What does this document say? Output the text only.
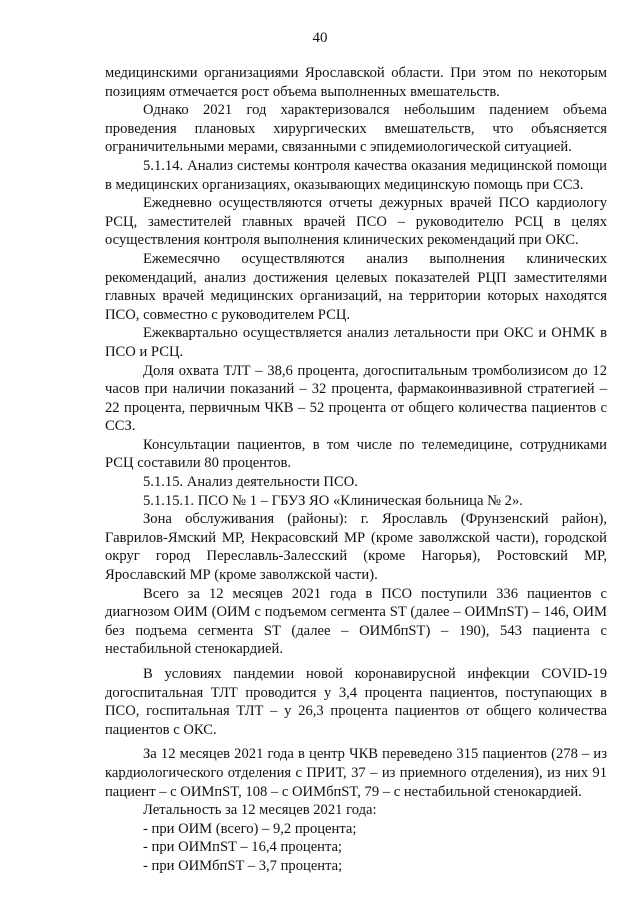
40

медицинскими организациями Ярославской области. При этом по некоторым позициям отмечается рост объема выполненных вмешательств.

Однако 2021 год характеризовался небольшим падением объема проведения плановых хирургических вмешательств, что объясняется ограничительными мерами, связанными с эпидемиологической ситуацией.

5.1.14. Анализ системы контроля качества оказания медицинской помощи в медицинских организациях, оказывающих медицинскую помощь при ССЗ.

Ежедневно осуществляются отчеты дежурных врачей ПСО кардиологу РСЦ, заместителей главных врачей ПСО – руководителю РСЦ в целях осуществления контроля выполнения клинических рекомендаций при ОКС.

Ежемесячно осуществляются анализ выполнения клинических рекомендаций, анализ достижения целевых показателей РЦП заместителями главных врачей медицинских организаций, на территории которых находятся ПСО, совместно с руководителем РСЦ.

Ежеквартально осуществляется анализ летальности при ОКС и ОНМК в ПСО и РСЦ.

Доля охвата ТЛТ – 38,6 процента, догоспитальным тромболизисом до 12 часов при наличии показаний – 32 процента, фармакоинвазивной стратегией – 22 процента, первичным ЧКВ – 52 процента от общего количества пациентов с ССЗ.

Консультации пациентов, в том числе по телемедицине, сотрудниками РСЦ составили 80 процентов.

5.1.15. Анализ деятельности ПСО.

5.1.15.1. ПСО № 1 – ГБУЗ ЯО «Клиническая больница № 2».

Зона обслуживания (районы): г. Ярославль (Фрунзенский район), Гаврилов-Ямский МР, Некрасовский МР (кроме заволжской части), городской округ город Переславль-Залесский (кроме Нагорья), Ростовский МР, Ярославский МР (кроме заволжской части).

Всего за 12 месяцев 2021 года в ПСО поступили 336 пациентов с диагнозом ОИМ (ОИМ с подъемом сегмента ST (далее – ОИМпST) – 146, ОИМ без подъема сегмента ST (далее – ОИМбпST) – 190), 543 пациента с нестабильной стенокардией.

В условиях пандемии новой коронавирусной инфекции COVID-19 догоспитальная ТЛТ проводится у 3,4 процента пациентов, поступающих в ПСО, госпитальная ТЛТ – у 26,3 процента пациентов от общего количества пациентов с ОКС.

За 12 месяцев 2021 года в центр ЧКВ переведено 315 пациентов (278 – из кардиологического отделения с ПРИТ, 37 – из приемного отделения), из них 91 пациент – с ОИМпST, 108 – с ОИМбпST, 79 – с нестабильной стенокардией.

Летальность за 12 месяцев 2021 года:

- при ОИМ (всего) – 9,2 процента;

- при ОИМпST – 16,4 процента;

- при ОИМбпST – 3,7 процента;
